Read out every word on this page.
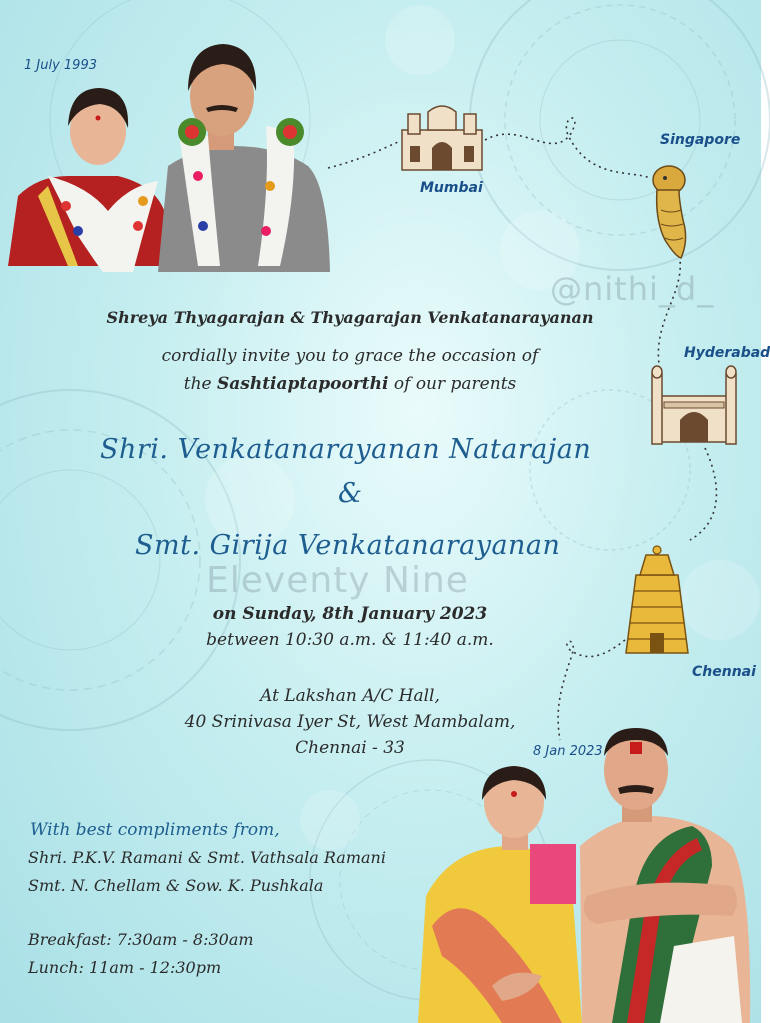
@nithi_d_
Eleventy Nine
1 July 1993
8 Jan 2023
Mumbai
Singapore
Hyderabad
Chennai
Shreya Thyagarajan & Thyagarajan Venkatanarayanan
cordially invite you to grace the occasion of
the Sashtiaptapoorthi of our parents
Shri. Venkatanarayanan Natarajan
&
Smt. Girija Venkatanarayanan
on Sunday, 8th January 2023
between 10:30 a.m. & 11:40 a.m.
At Lakshan A/C Hall,
40 Srinivasa Iyer St, West Mambalam,
Chennai - 33
With best compliments from,
Shri. P.K.V. Ramani & Smt. Vathsala Ramani
Smt. N. Chellam & Sow. K. Pushkala
Breakfast: 7:30am - 8:30am
Lunch: 11am - 12:30pm
